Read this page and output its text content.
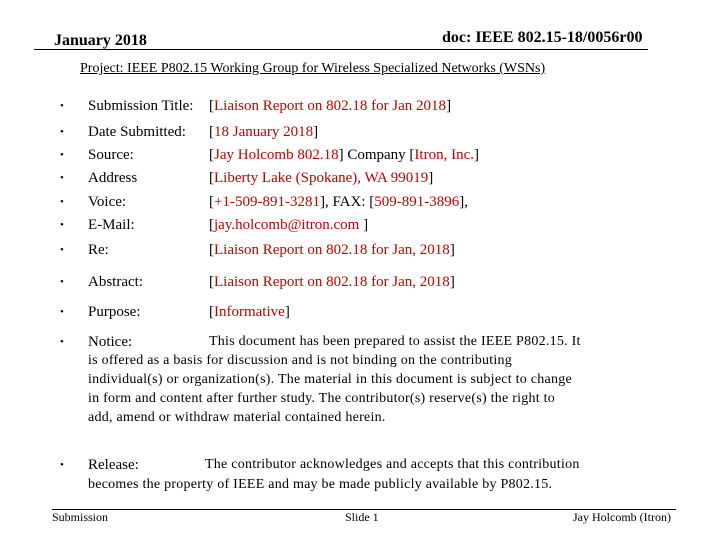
January 2018	doc: IEEE 802.15-18/0056r00
Project: IEEE P802.15 Working Group for Wireless Specialized Networks (WSNs)
• Submission Title: [Liaison Report on 802.18 for Jan 2018]
• Date Submitted: [18 January 2018]
• Source:	[Jay Holcomb 802.18] Company [Itron, Inc.]
• Address	[Liberty Lake (Spokane), WA 99019]
• Voice:	[+1-509-891-3281], FAX: [509-891-3896],
• E-Mail:	[jay.holcomb@itron.com ]
• Re:	[Liaison Report on 802.18 for Jan, 2018]
• Abstract:	[Liaison Report on 802.18 for Jan, 2018]
• Purpose:	[Informative]
• Notice:	This document has been prepared to assist the IEEE P802.15. It
is offered as a basis for discussion and is not binding on the contributing
individual(s) or organization(s). The material in this document is subject to change
in form and content after further study. The contributor(s) reserve(s) the right to
add, amend or withdraw material contained herein.
• Release:	The contributor acknowledges and accepts that this contribution
becomes the property of IEEE and may be made publicly available by P802.15.
Submission	Slide 1	Jay Holcomb (Itron)
